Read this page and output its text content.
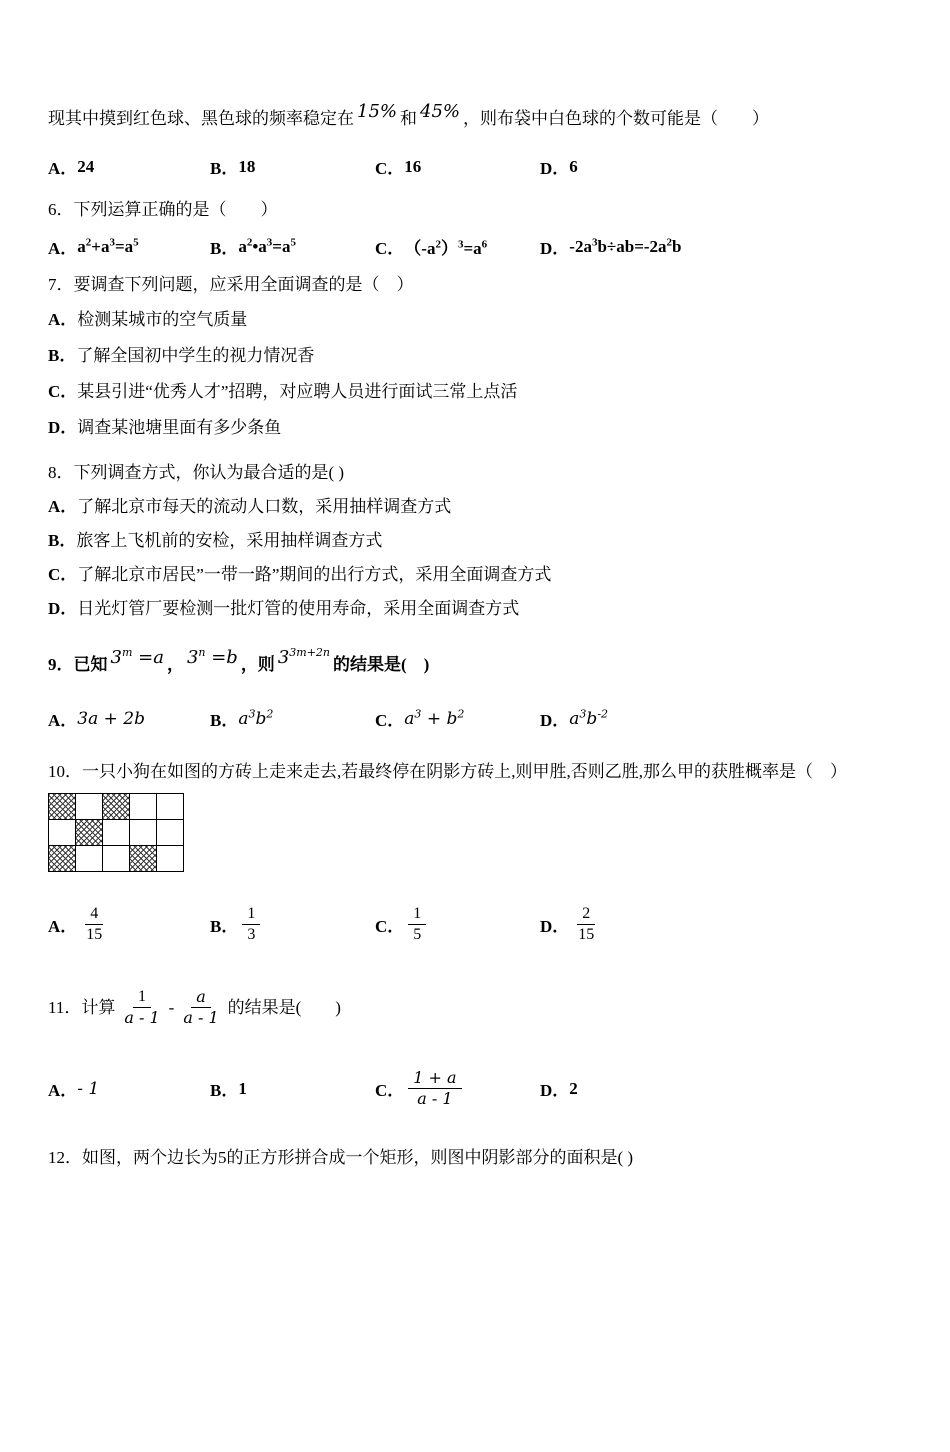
现其中摸到红色球、黑色球的频率稳定在 15% 和 45% ，则布袋中白色球的个数可能是（　　）
A． 24	B． 18	C． 16	D． 6
6．下列运算正确的是（　　）
A． $a^2+a^3=a^5$	B． $a^2•a^3=a^5$	C． $(-a^2)^3=a^6$	D． $-2a^3b\div ab=-2a^2b$
7．要调查下列问题，应采用全面调查的是（　）
A．检测某城市的空气质量
B．了解全国初中学生的视力情况香
C．某县引进“优秀人才”招聘，对应聘人员进行面试三常上点活
D．调查某池塘里面有多少条鱼
8．下列调查方式，你认为最合适的是( )
A．了解北京市每天的流动人口数，采用抽样调查方式
B．旅客上飞机前的安检，采用抽样调查方式
C．了解北京市居民”一带一路”期间的出行方式，采用全面调查方式
D．日光灯管厂要检测一批灯管的使用寿命，采用全面调查方式
9．已知 $3^m =a$ ， $3^n =b$ ，则 $3^{3m+2n}$的结果是(　)
A． 3a + 2b	B． $a^3b^2$	C． $a^3 + b^2$	D． $a^3b^{-2}$
10．一只小狗在如图的方砖上走来走去,若最终停在阴影方砖上,则甲胜,否则乙胜,那么甲的获胜概率是（　）
A． $\frac{4}{15}$	B． $\frac{1}{3}$	C． $\frac{1}{5}$	D． $\frac{2}{15}$
11． 计算 $\frac{1}{a - 1} - \frac{a}{a - 1}$ 的结果是(　　)
A． - 1	B． 1	C． $\frac{1 + a}{a - 1}$	D． 2
12．如图，两个边长为5的正方形拼合成一个矩形，则图中阴影部分的面积是( )
